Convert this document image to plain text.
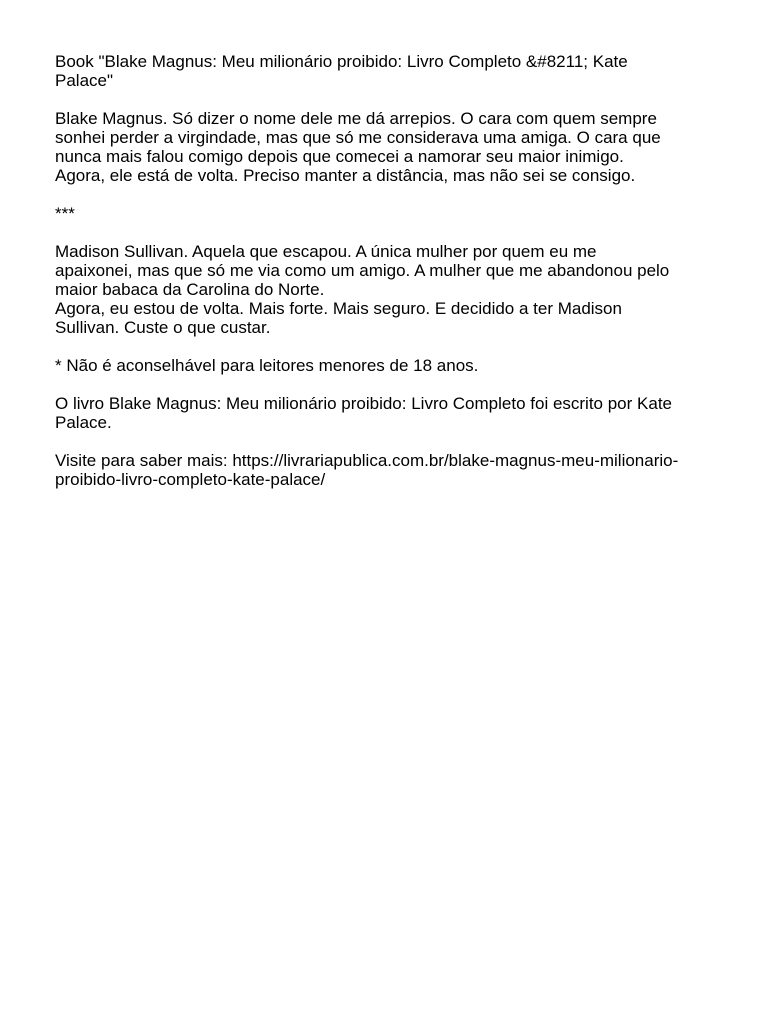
Book "Blake Magnus: Meu milionário proibido: Livro Completo &#8211; Kate
Palace"

Blake Magnus. Só dizer o nome dele me dá arrepios. O cara com quem sempre
sonhei perder a virgindade, mas que só me considerava uma amiga. O cara que
nunca mais falou comigo depois que comecei a namorar seu maior inimigo.
Agora, ele está de volta. Preciso manter a distância, mas não sei se consigo.

***

Madison Sullivan. Aquela que escapou. A única mulher por quem eu me
apaixonei, mas que só me via como um amigo. A mulher que me abandonou pelo
maior babaca da Carolina do Norte.
Agora, eu estou de volta. Mais forte. Mais seguro. E decidido a ter Madison
Sullivan. Custe o que custar.

* Não é aconselhável para leitores menores de 18 anos.

O livro Blake Magnus: Meu milionário proibido: Livro Completo foi escrito por Kate
Palace.

Visite para saber mais: https://livrariapublica.com.br/blake-magnus-meu-milionario-
proibido-livro-completo-kate-palace/
